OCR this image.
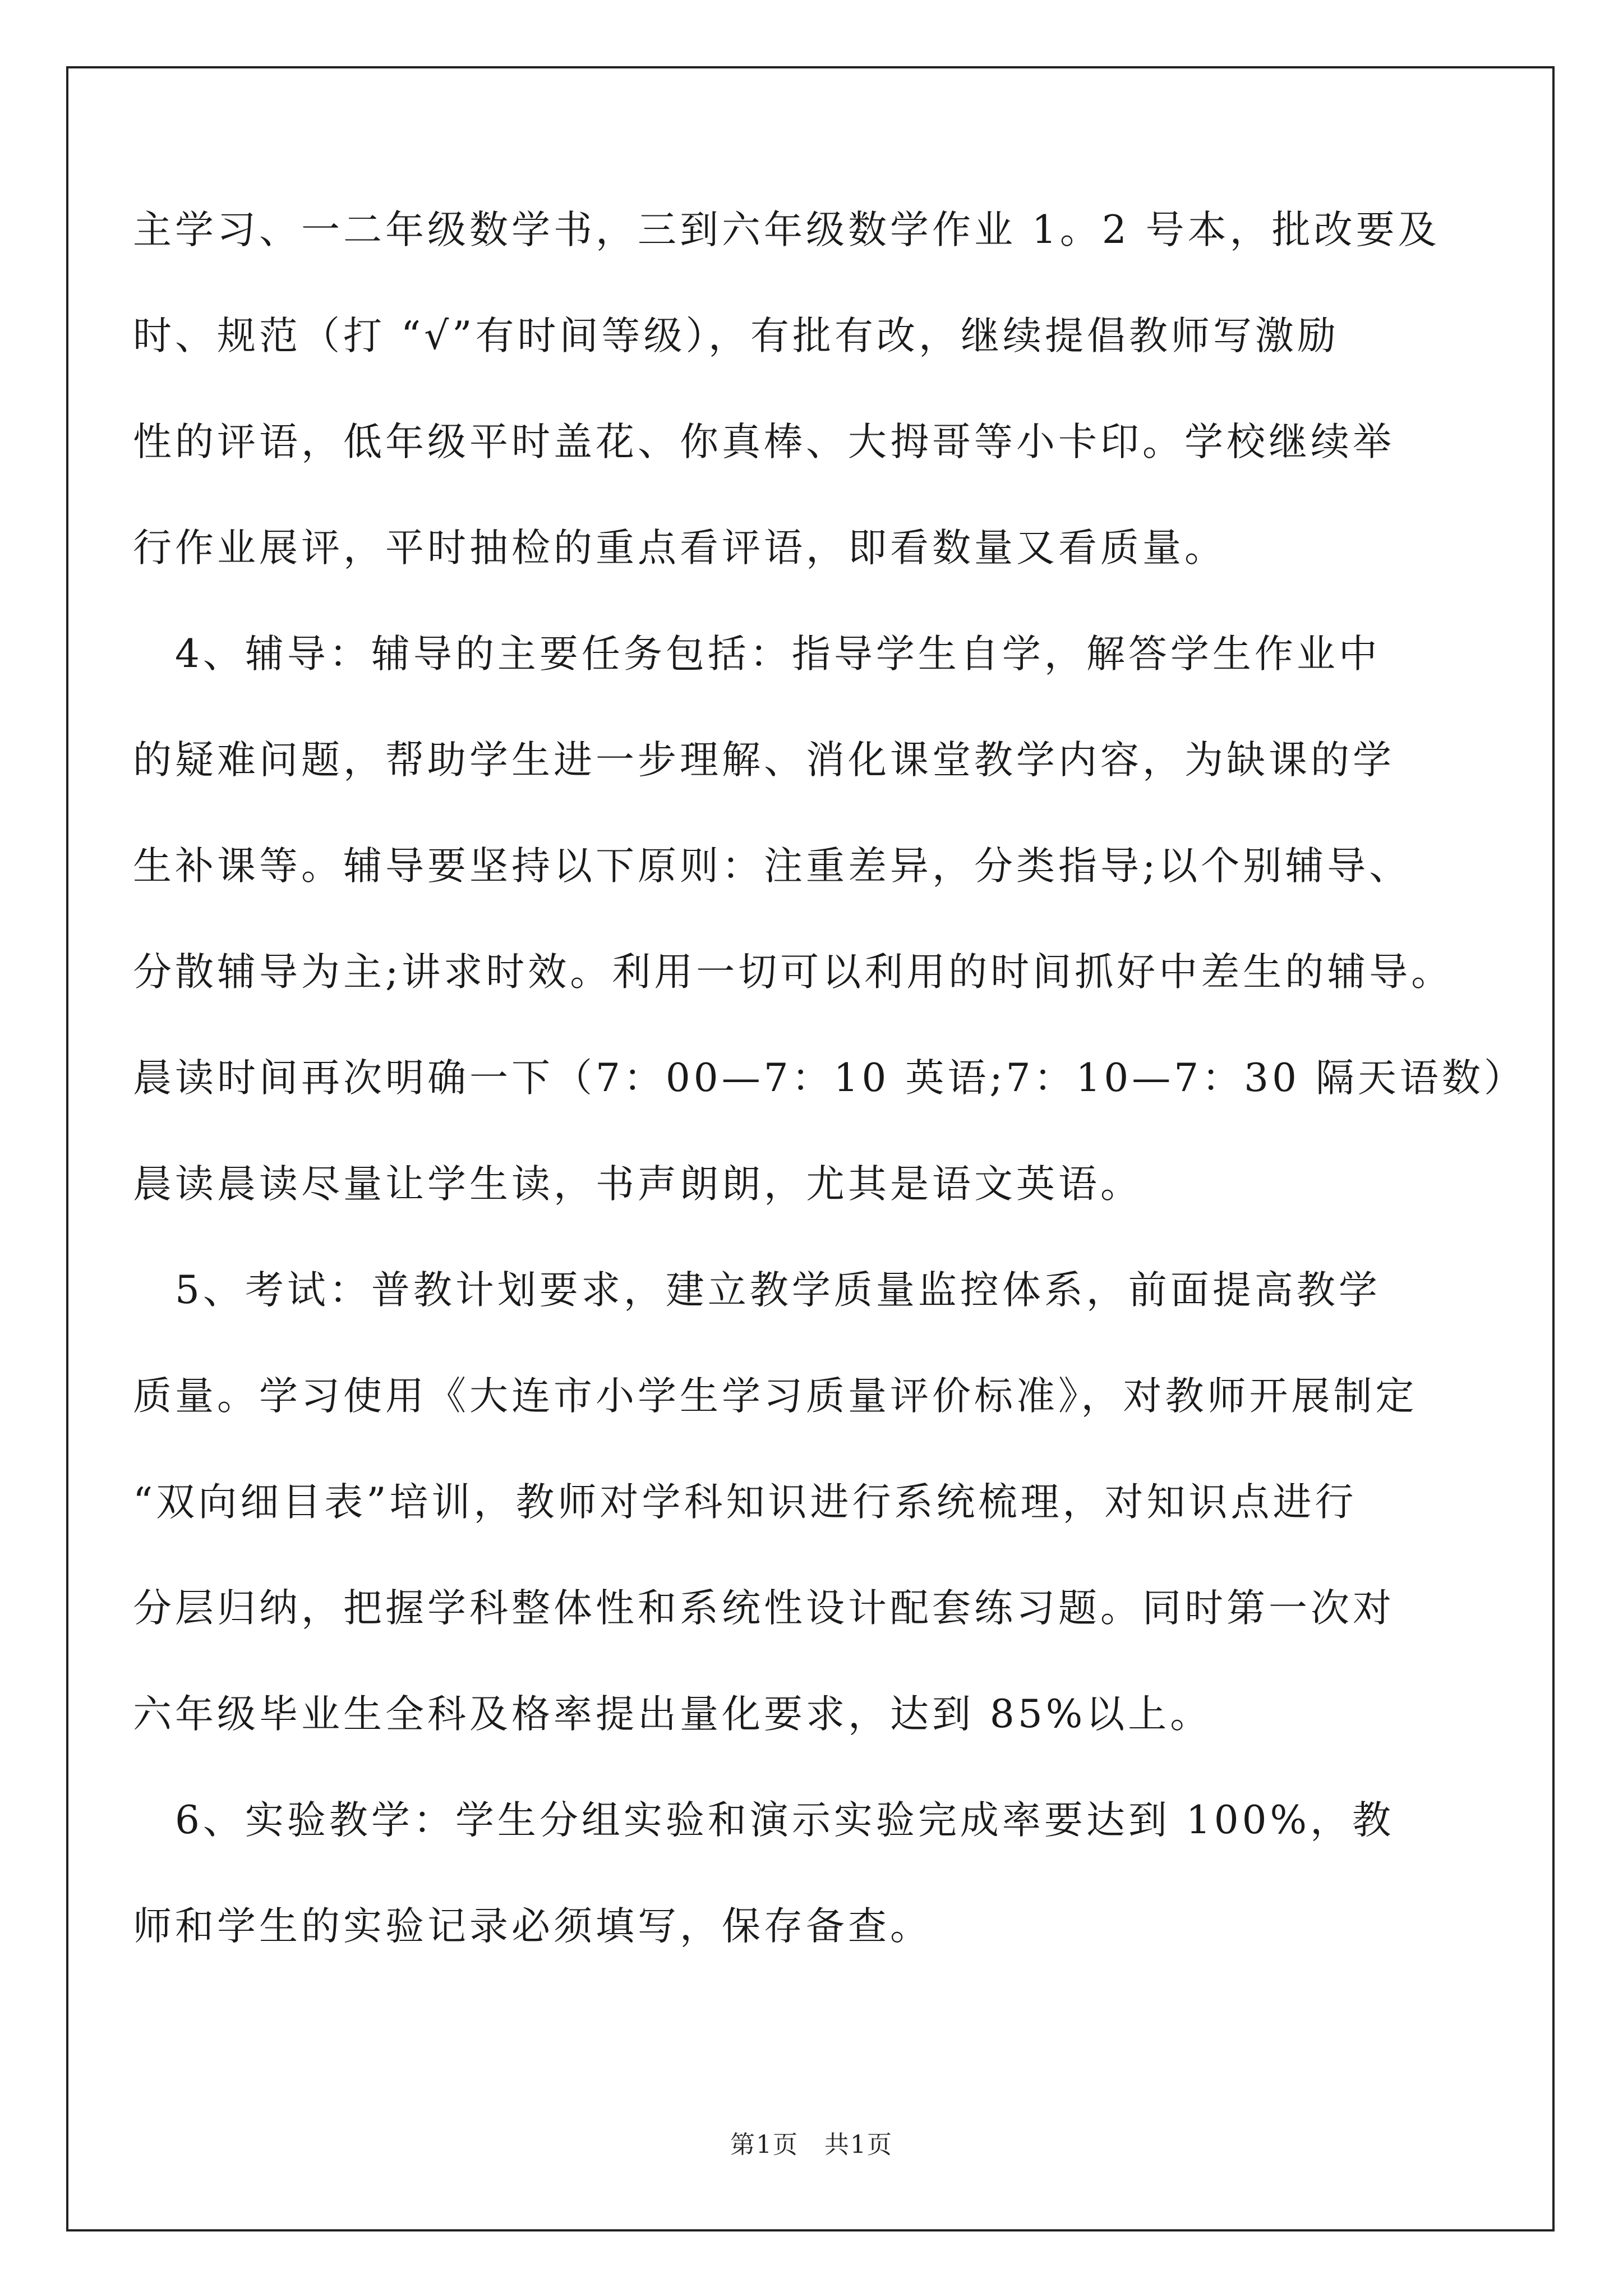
主学习、一二年级数学书，三到六年级数学作业 1。2 号本，批改要及
时、规范（打 “√”有时间等级），有批有改，继续提倡教师写激励
性的评语，低年级平时盖花、你真棒、大拇哥等小卡印。学校继续举
行作业展评，平时抽检的重点看评语，即看数量又看质量。
　4、辅导：辅导的主要任务包括：指导学生自学，解答学生作业中
的疑难问题，帮助学生进一步理解、消化课堂教学内容，为缺课的学
生补课等。辅导要坚持以下原则：注重差异，分类指导;以个别辅导、
分散辅导为主;讲求时效。利用一切可以利用的时间抓好中差生的辅导。
晨读时间再次明确一下（7：00—7：10 英语;7：10—7：30 隔天语数）
晨读晨读尽量让学生读，书声朗朗，尤其是语文英语。
　5、考试：普教计划要求，建立教学质量监控体系，前面提高教学
质量。学习使用《大连市小学生学习质量评价标准》，对教师开展制定
“双向细目表”培训，教师对学科知识进行系统梳理，对知识点进行
分层归纳，把握学科整体性和系统性设计配套练习题。同时第一次对
六年级毕业生全科及格率提出量化要求，达到 85%以上。
　6、实验教学：学生分组实验和演示实验完成率要达到 100%，教
师和学生的实验记录必须填写，保存备查。
第1页　共1页
